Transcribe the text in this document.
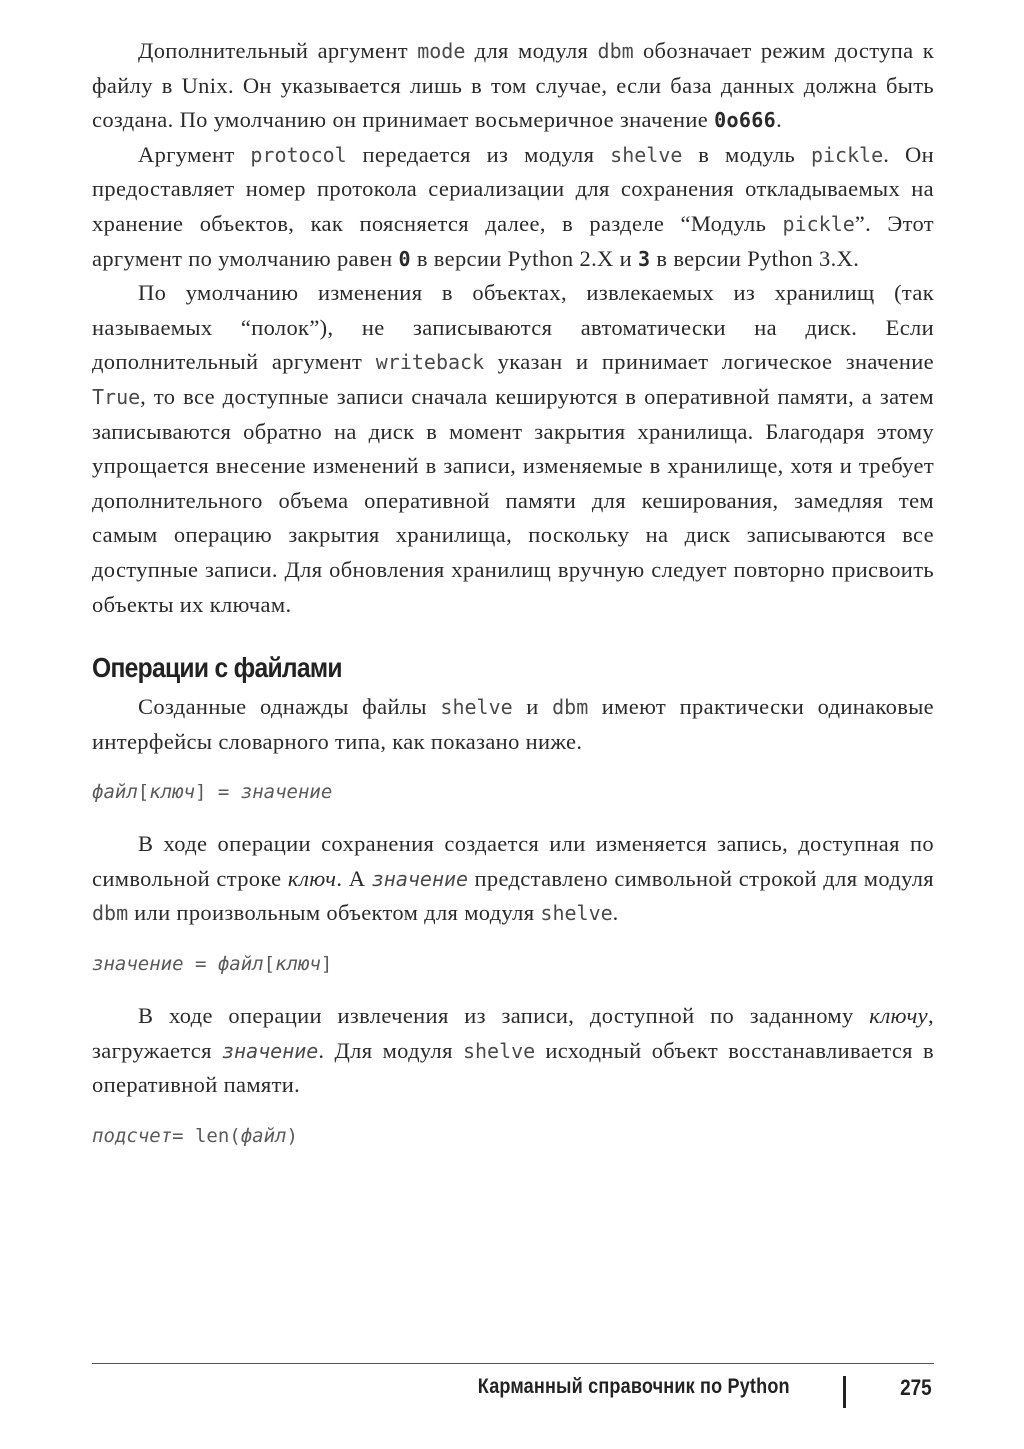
Дополнительный аргумент mode для модуля dbm обозначает режим доступа к файлу в Unix. Он указывается лишь в том случае, если база данных должна быть создана. По умолчанию он принимает восьмеричное значение 0o666.

Аргумент protocol передается из модуля shelve в модуль pickle. Он предоставляет номер протокола сериализации для сохранения откладываемых на хранение объектов, как поясняется далее, в разделе “Модуль pickle”. Этот аргумент по умолчанию равен 0 в версии Python 2.X и 3 в версии Python 3.X.

По умолчанию изменения в объектах, извлекаемых из хранилищ (так называемых “полок”), не записываются автоматически на диск. Если дополнительный аргумент writeback указан и принимает логическое значение True, то все доступные записи сначала кешируются в оперативной памяти, а затем записываются обратно на диск в момент закрытия хранилища. Благодаря этому упрощается внесение изменений в записи, изменяемые в хранилище, хотя и требует дополнительного объема оперативной памяти для кеширования, замедляя тем самым операцию закрытия хранилища, поскольку на диск записываются все доступные записи. Для обновления хранилищ вручную следует повторно присвоить объекты их ключам.

Операции с файлами

Созданные однажды файлы shelve и dbm имеют практически одинаковые интерфейсы словарного типа, как показано ниже.

файл[ключ] = значение

В ходе операции сохранения создается или изменяется запись, доступная по символьной строке ключ. А значение представлено символьной строкой для модуля dbm или произвольным объектом для модуля shelve.

значение = файл[ключ]

В ходе операции извлечения из записи, доступной по заданному ключу, загружается значение. Для модуля shelve исходный объект восстанавливается в оперативной памяти.

подсчет= len(файл)
Карманный справочник по Python	275
